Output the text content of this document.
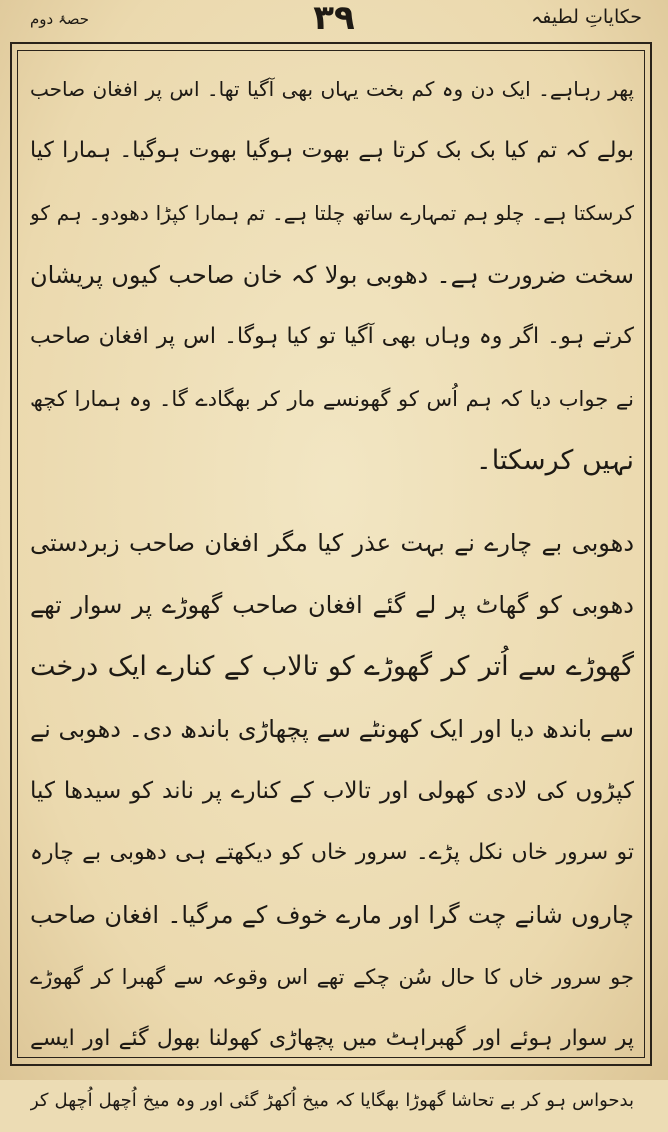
حکایاتِ لطیفہ
۳۹
حصۂ دوم
پھر رہاہے۔ ایک دن وہ کم بخت یہاں بھی آگیا تھا۔ اس پر افغان صاحب
بولے کہ تم کیا بک بک کرتا ہے بھوت ہوگیا بھوت ہوگیا۔ ہمارا کیا
کرسکتا ہے۔ چلو ہم تمہارے ساتھ چلتا ہے۔ تم ہمارا کپڑا دھودو۔ ہم کو
سخت ضرورت ہے۔ دھوبی بولا کہ خان صاحب کیوں پریشان
کرتے ہو۔ اگر وہ وہاں بھی آگیا تو کیا ہوگا۔ اس پر افغان صاحب
نے جواب دیا کہ ہم اُس کو گھونسے مار کر بھگادے گا۔ وہ ہمارا کچھ
نہیں کرسکتا۔
دھوبی بے چارے نے بہت عذر کیا مگر افغان صاحب زبردستی
دھوبی کو گھاٹ پر لے گئے افغان صاحب گھوڑے پر سوار تھے
گھوڑے سے اُتر کر گھوڑے کو تالاب کے کنارے ایک درخت
سے باندھ دیا اور ایک کھونٹے سے پچھاڑی باندھ دی۔ دھوبی نے
کپڑوں کی لادی کھولی اور تالاب کے کنارے پر ناند کو سیدھا کیا
تو سرور خاں نکل پڑے۔ سرور خاں کو دیکھتے ہی دھوبی بے چارہ
چاروں شانے چت گرا اور مارے خوف کے مرگیا۔ افغان صاحب
جو سرور خاں کا حال سُن چکے تھے اس وقوعہ سے گھبرا کر گھوڑے
پر سوار ہوئے اور گھبراہٹ میں پچھاڑی کھولنا بھول گئے اور ایسے
بدحواس ہو کر بے تحاشا گھوڑا بھگایا کہ میخ اُکھڑ گئی اور وہ میخ اُچھل اُچھل کر
